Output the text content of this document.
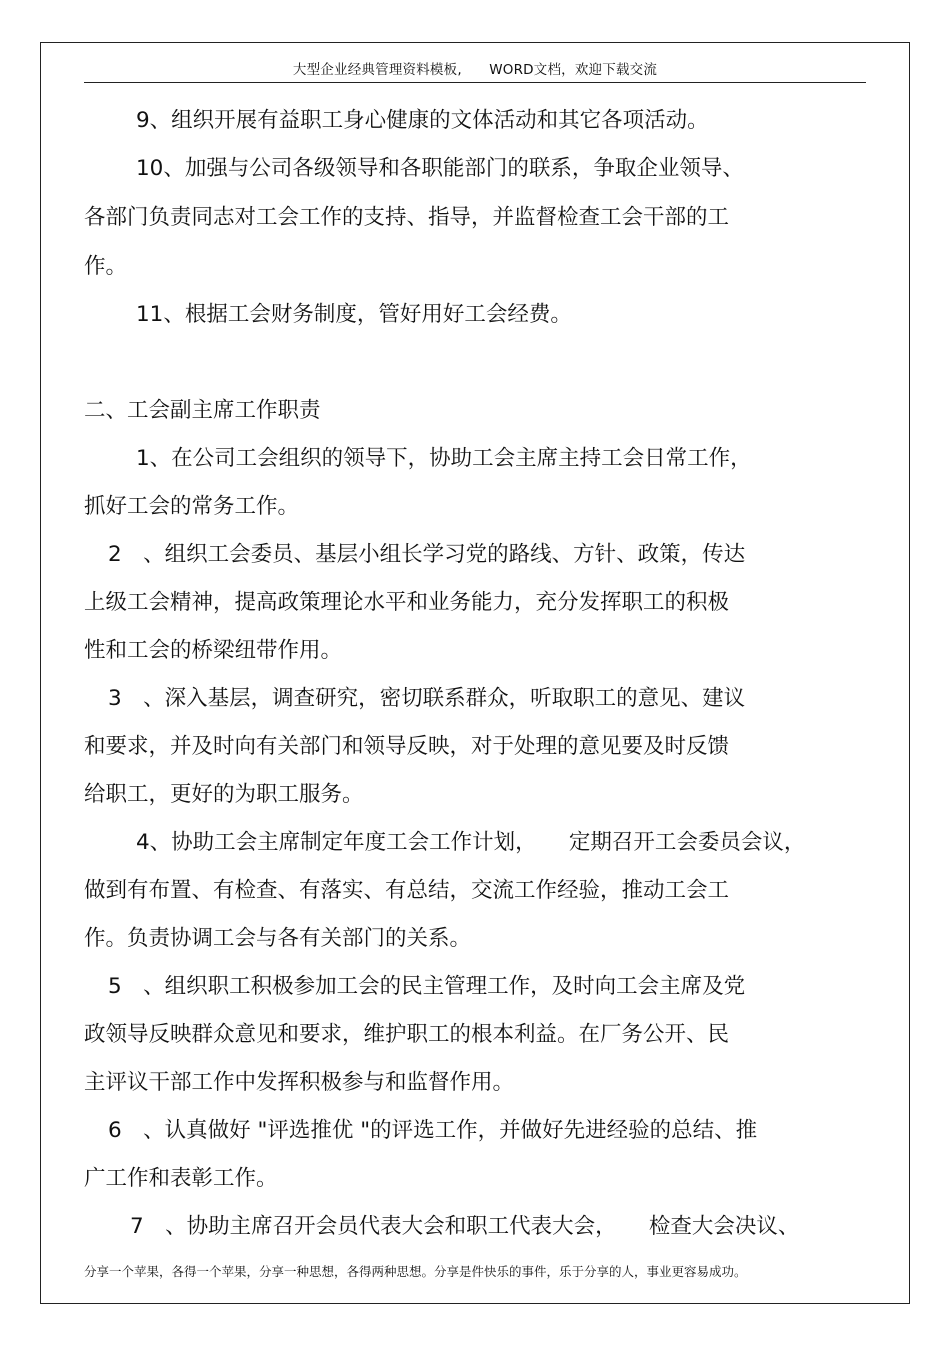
大型企业经典管理资料模板,　　WORD文档，欢迎下载交流
9、组织开展有益职工身心健康的文体活动和其它各项活动。
10、加强与公司各级领导和各职能部门的联系，争取企业领导、
各部门负责同志对工会工作的支持、指导，并监督检查工会干部的工
作。
11、根据工会财务制度，管好用好工会经费。
二、工会副主席工作职责
1、在公司工会组织的领导下，协助工会主席主持工会日常工作，
抓好工会的常务工作。
2　、组织工会委员、基层小组长学习党的路线、方针、政策，传达
上级工会精神，提高政策理论水平和业务能力，充分发挥职工的积极
性和工会的桥梁纽带作用。
3　、深入基层，调查研究，密切联系群众，听取职工的意见、建议
和要求，并及时向有关部门和领导反映，对于处理的意见要及时反馈
给职工，更好的为职工服务。
4、协助工会主席制定年度工会工作计划，　　定期召开工会委员会议，
做到有布置、有检查、有落实、有总结，交流工作经验，推动工会工
作。负责协调工会与各有关部门的关系。
5　、组织职工积极参加工会的民主管理工作，及时向工会主席及党
政领导反映群众意见和要求，维护职工的根本利益。在厂务公开、民
主评议干部工作中发挥积极参与和监督作用。
6　、认真做好 "评选推优 "的评选工作，并做好先进经验的总结、推
广工作和表彰工作。
7　、协助主席召开会员代表大会和职工代表大会，　　检查大会决议、
分享一个苹果，各得一个苹果，分享一种思想，各得两种思想。分享是件快乐的事件，乐于分享的人，事业更容易成功。
